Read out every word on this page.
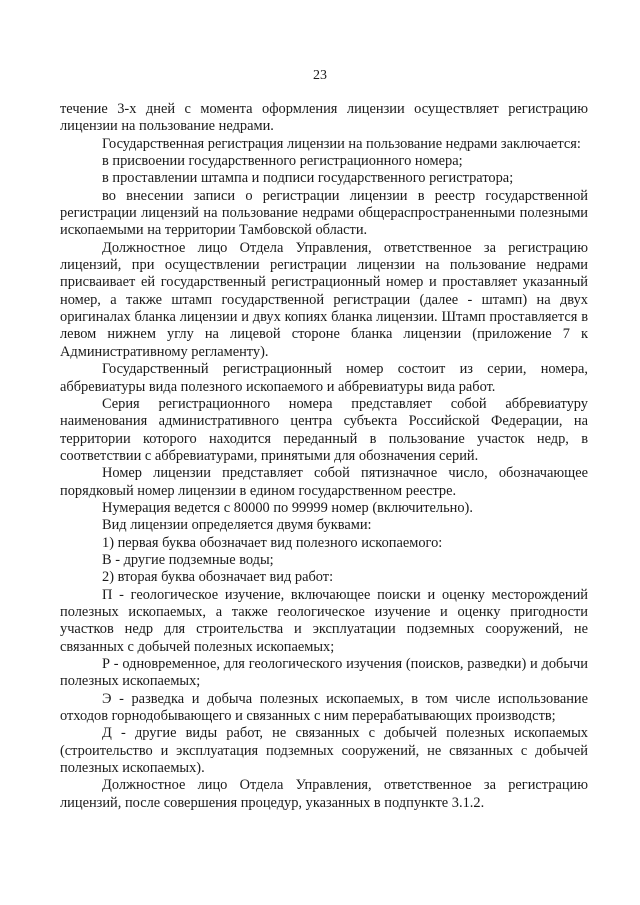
23

течение 3-х дней с момента оформления лицензии осуществляет регистрацию лицензии на пользование недрами.

Государственная регистрация лицензии на пользование недрами заключается:

в присвоении государственного регистрационного номера;

в проставлении штампа и подписи государственного регистратора;

во внесении записи о регистрации лицензии в реестр государственной регистрации лицензий на пользование недрами общераспространенными полезными ископаемыми на территории Тамбовской области.

Должностное лицо Отдела Управления, ответственное за регистрацию лицензий, при осуществлении регистрации лицензии на пользование недрами присваивает ей государственный регистрационный номер и проставляет указанный номер, а также штамп государственной регистрации (далее - штамп) на двух оригиналах бланка лицензии и двух копиях бланка лицензии. Штамп проставляется в левом нижнем углу на лицевой стороне бланка лицензии (приложение 7 к Административному регламенту).

Государственный регистрационный номер состоит из серии, номера, аббревиатуры вида полезного ископаемого и аббревиатуры вида работ.

Серия регистрационного номера представляет собой аббревиатуру наименования административного центра субъекта Российской Федерации, на территории которого находится переданный в пользование участок недр, в соответствии с аббревиатурами, принятыми для обозначения серий.

Номер лицензии представляет собой пятизначное число, обозначающее порядковый номер лицензии в едином государственном реестре.

Нумерация ведется с 80000 по 99999 номер (включительно).

Вид лицензии определяется двумя буквами:

1) первая буква обозначает вид полезного ископаемого:

В - другие подземные воды;

2) вторая буква обозначает вид работ:

П - геологическое изучение, включающее поиски и оценку месторождений полезных ископаемых, а также геологическое изучение и оценку пригодности участков недр для строительства и эксплуатации подземных сооружений, не связанных с добычей полезных ископаемых;

Р - одновременное, для геологического изучения (поисков, разведки) и добычи полезных ископаемых;

Э - разведка и добыча полезных ископаемых, в том числе использование отходов горнодобывающего и связанных с ним перерабатывающих производств;

Д - другие виды работ, не связанных с добычей полезных ископаемых (строительство и эксплуатация подземных сооружений, не связанных с добычей полезных ископаемых).

Должностное лицо Отдела Управления, ответственное за регистрацию лицензий, после совершения процедур, указанных в подпункте 3.1.2.
